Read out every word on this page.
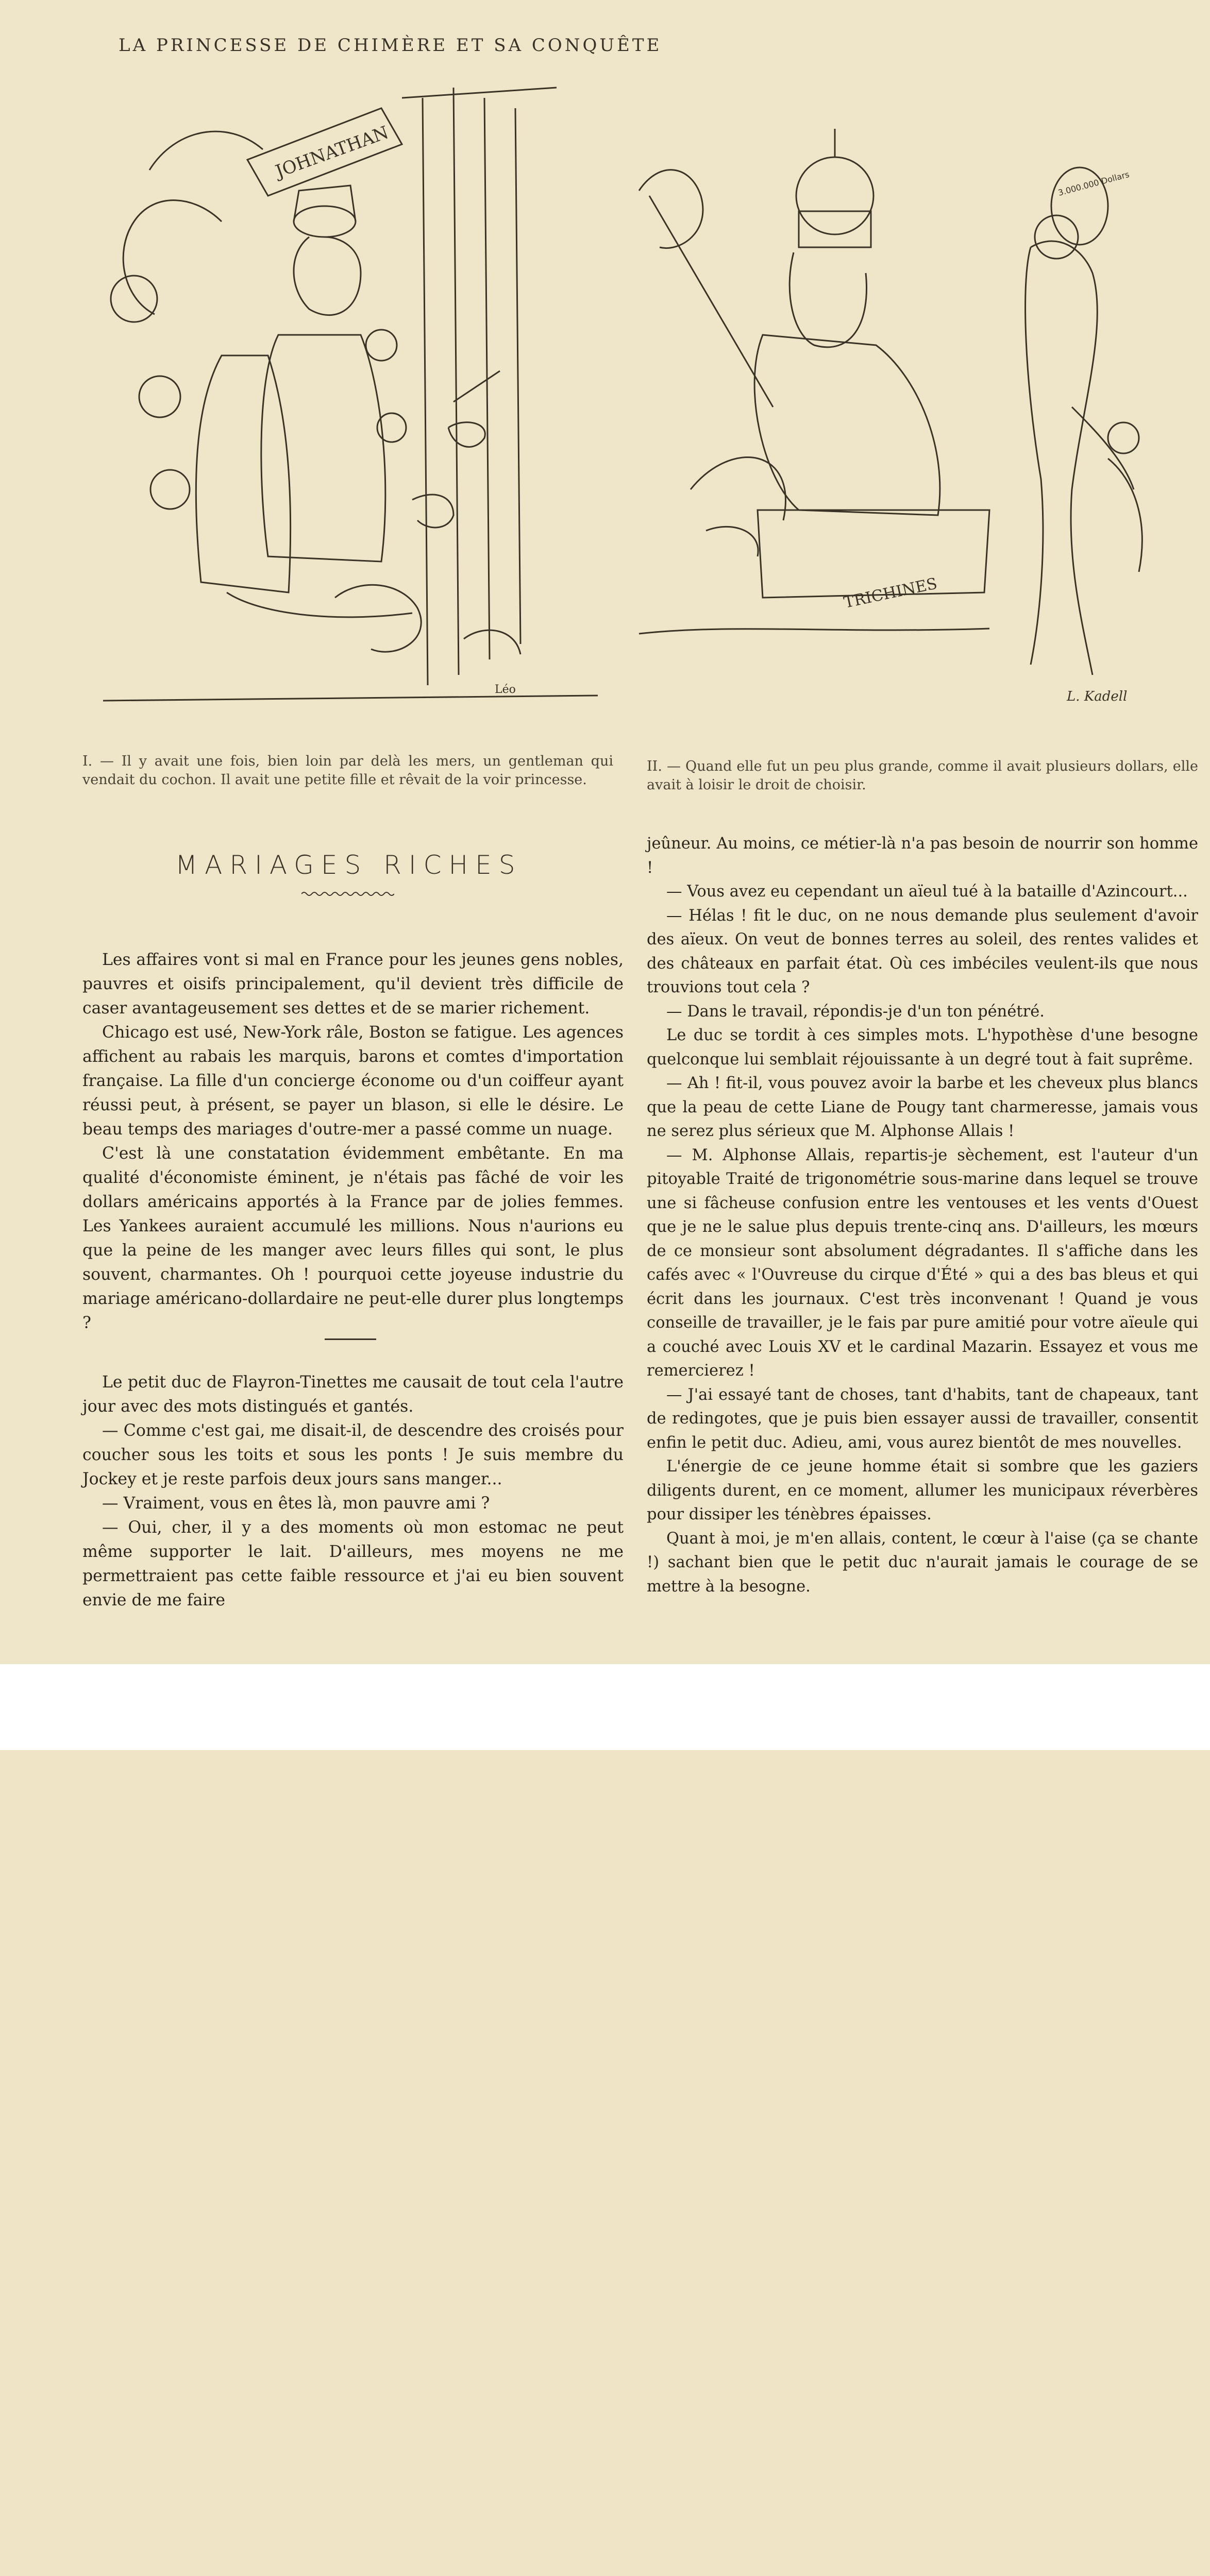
LA PRINCESSE DE CHIMÈRE ET SA CONQUÊTE
JOHNATHAN
Léo
3.000.000 Dollars
TRICHINES
L. Kadell
I. — Il y avait une fois, bien loin par delà les mers, un gentleman qui vendait du cochon. Il avait une petite fille et rêvait de la voir princesse.
II. — Quand elle fut un peu plus grande, comme il avait plusieurs dollars, elle avait à loisir le droit de choisir.
MARIAGES RICHES

Les affaires vont si mal en France pour les jeunes gens nobles, pauvres et oisifs principalement, qu'il devient très difficile de caser avantageusement ses dettes et de se marier richement.

Chicago est usé, New-York râle, Boston se fatigue. Les agences affichent au rabais les marquis, barons et comtes d'importation française. La fille d'un concierge économe ou d'un coiffeur ayant réussi peut, à présent, se payer un blason, si elle le désire. Le beau temps des mariages d'outre-mer a passé comme un nuage.

C'est là une constatation évidemment embêtante. En ma qualité d'économiste éminent, je n'étais pas fâché de voir les dollars américains apportés à la France par de jolies femmes. Les Yankees auraient accumulé les millions. Nous n'aurions eu que la peine de les manger avec leurs filles qui sont, le plus souvent, charmantes. Oh ! pourquoi cette joyeuse industrie du mariage américano-dollardaire ne peut-elle durer plus longtemps ?

Le petit duc de Flayron-Tinettes me causait de tout cela l'autre jour avec des mots distingués et gantés.

— Comme c'est gai, me disait-il, de descendre des croisés pour coucher sous les toits et sous les ponts ! Je suis membre du Jockey et je reste parfois deux jours sans manger...

— Vraiment, vous en êtes là, mon pauvre ami ?

— Oui, cher, il y a des moments où mon estomac ne peut même supporter le lait. D'ailleurs, mes moyens ne me permettraient pas cette faible ressource et j'ai eu bien souvent envie de me faire

jeûneur. Au moins, ce métier-là n'a pas besoin de nourrir son homme !

— Vous avez eu cependant un aïeul tué à la bataille d'Azincourt...

— Hélas ! fit le duc, on ne nous demande plus seulement d'avoir des aïeux. On veut de bonnes terres au soleil, des rentes valides et des châteaux en parfait état. Où ces imbéciles veulent-ils que nous trouvions tout cela ?

— Dans le travail, répondis-je d'un ton pénétré.

Le duc se tordit à ces simples mots. L'hypothèse d'une besogne quelconque lui semblait réjouissante à un degré tout à fait suprême.

— Ah ! fit-il, vous pouvez avoir la barbe et les cheveux plus blancs que la peau de cette Liane de Pougy tant charmeresse, jamais vous ne serez plus sérieux que M. Alphonse Allais !

— M. Alphonse Allais, repartis-je sèchement, est l'auteur d'un pitoyable Traité de trigonométrie sous-marine dans lequel se trouve une si fâcheuse confusion entre les ventouses et les vents d'Ouest que je ne le salue plus depuis trente-cinq ans. D'ailleurs, les mœurs de ce monsieur sont absolument dégradantes. Il s'affiche dans les cafés avec « l'Ouvreuse du cirque d'Été » qui a des bas bleus et qui écrit dans les journaux. C'est très inconvenant ! Quand je vous conseille de travailler, je le fais par pure amitié pour votre aïeule qui a couché avec Louis XV et le cardinal Mazarin. Essayez et vous me remercierez !

— J'ai essayé tant de choses, tant d'habits, tant de chapeaux, tant de redingotes, que je puis bien essayer aussi de travailler, consentit enfin le petit duc. Adieu, ami, vous aurez bientôt de mes nouvelles.

L'énergie de ce jeune homme était si sombre que les gaziers diligents durent, en ce moment, allumer les municipaux réverbères pour dissiper les ténèbres épaisses.

Quant à moi, je m'en allais, content, le cœur à l'aise (ça se chante !) sachant bien que le petit duc n'aurait jamais le courage de se mettre à la besogne.
